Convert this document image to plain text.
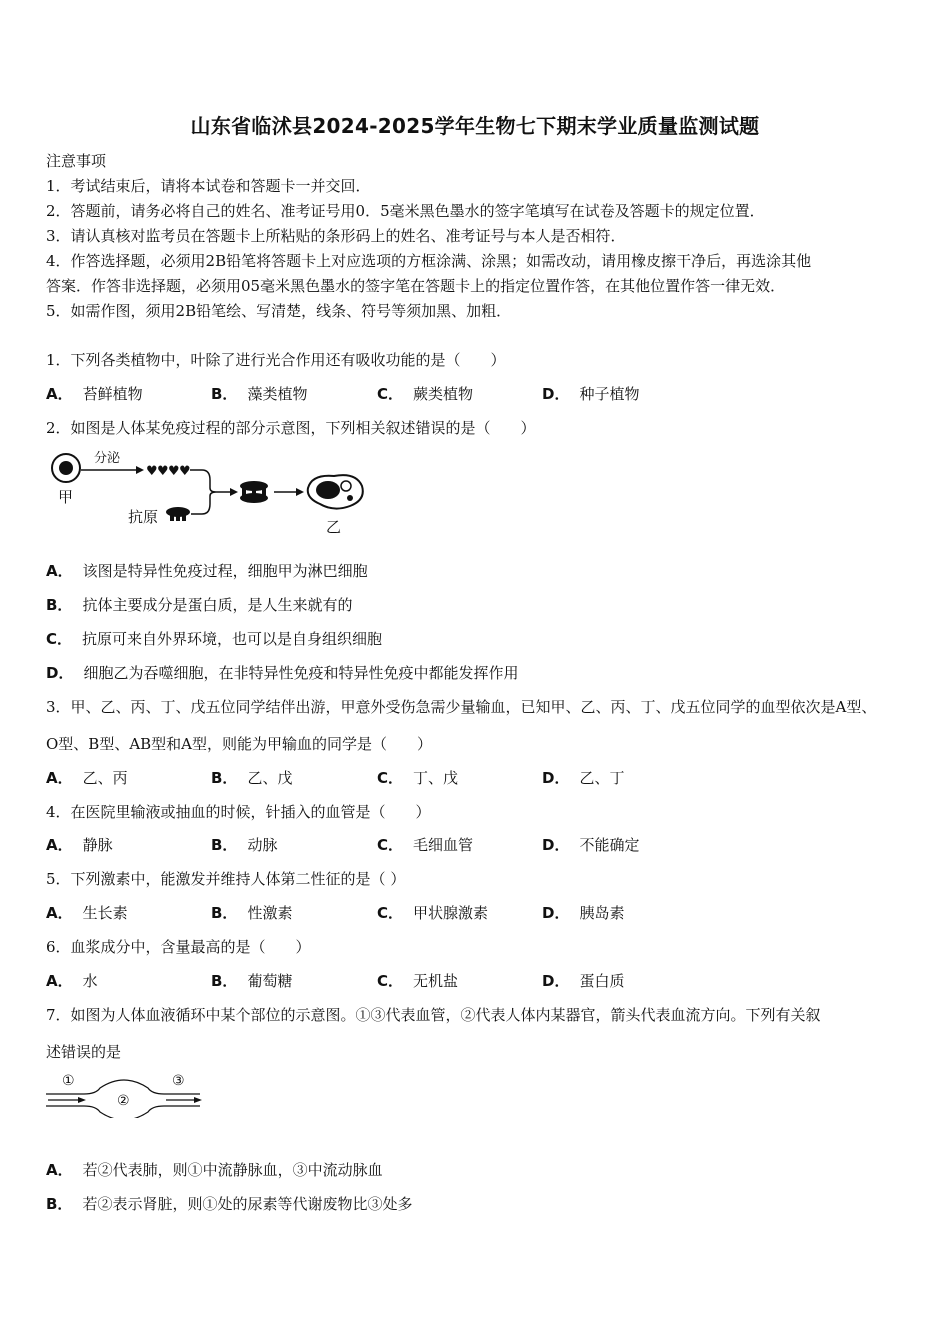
山东省临沭县2024-2025学年生物七下期末学业质量监测试题
注意事项
1．考试结束后，请将本试卷和答题卡一并交回．
2．答题前，请务必将自己的姓名、准考证号用0．5毫米黑色墨水的签字笔填写在试卷及答题卡的规定位置．
3．请认真核对监考员在答题卡上所粘贴的条形码上的姓名、准考证号与本人是否相符．
4．作答选择题，必须用2B铅笔将答题卡上对应选项的方框涂满、涂黑；如需改动，请用橡皮擦干净后，再选涂其他
答案．作答非选择题，必须用05毫米黑色墨水的签字笔在答题卡上的指定位置作答，在其他位置作答一律无效．
5．如需作图，须用2B铅笔绘、写清楚，线条、符号等须加黑、加粗．
1．下列各类植物中，叶除了进行光合作用还有吸收功能的是（　　）
A． 苔鲜植物	B． 藻类植物	C． 蕨类植物	D． 种子植物
2．如图是人体某免疫过程的部分示意图，下列相关叙述错误的是（　　）
甲
分泌
♥ ♥ ♥ ♥
抗原
乙
A． 该图是特异性免疫过程，细胞甲为淋巴细胞
B． 抗体主要成分是蛋白质，是人生来就有的
C． 抗原可来自外界环境，也可以是自身组织细胞
D． 细胞乙为吞噬细胞，在非特异性免疫和特异性免疫中都能发挥作用
3．甲、乙、丙、丁、戊五位同学结伴出游，甲意外受伤急需少量输血，已知甲、乙、丙、丁、戊五位同学的血型依次是A型、
O型、B型、AB型和A型，则能为甲输血的同学是（　　）
A． 乙、丙	B． 乙、戊	C． 丁、戊	D． 乙、丁
4．在医院里输液或抽血的时候，针插入的血管是（　　）
A． 静脉	B． 动脉	C． 毛细血管	D． 不能确定
5．下列激素中，能激发并维持人体第二性征的是（ ）
A． 生长素	B． 性激素	C． 甲状腺激素	D． 胰岛素
6．血浆成分中，含量最高的是（　　）
A． 水	B． 葡萄糖	C． 无机盐	D． 蛋白质
7．如图为人体血液循环中某个部位的示意图。①③代表血管，②代表人体内某器官，箭头代表血流方向。下列有关叙
述错误的是
①	③
②
A． 若②代表肺，则①中流静脉血，③中流动脉血
B． 若②表示肾脏，则①处的尿素等代谢废物比③处多
